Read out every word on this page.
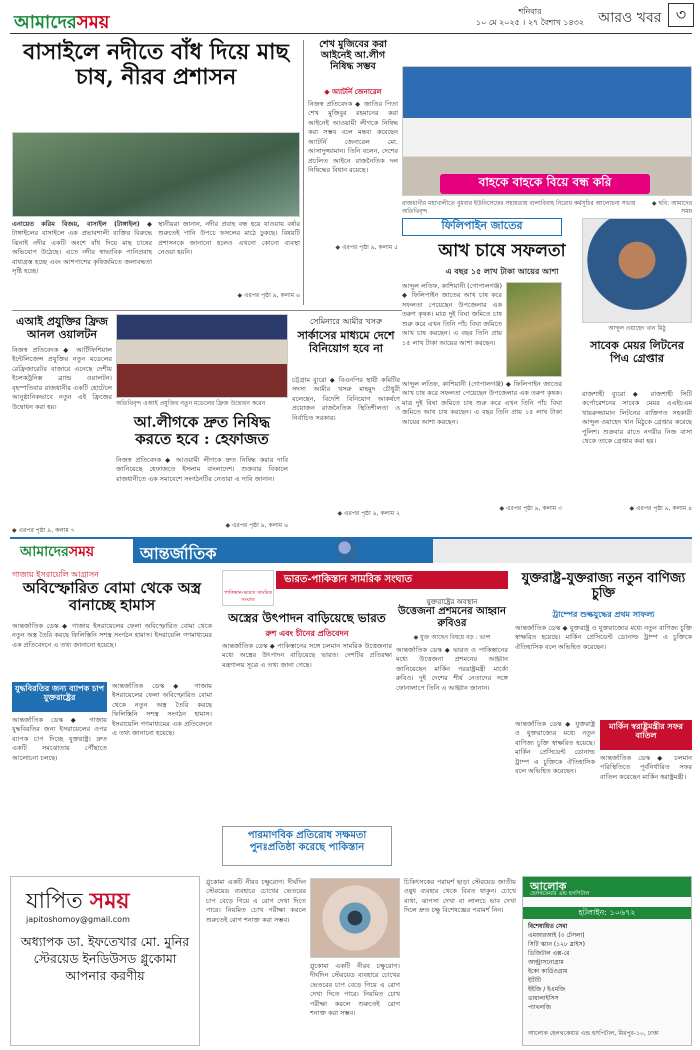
আমাদেরসময়
শনিবার
১০ মে ২০২৫ । ২৭ বৈশাখ ১৪৩২ আরও খবর ৩
বাসাইলে নদীতে বাঁধ দিয়ে মাছ চাষ, নীরব প্রশাসন
এনায়েত করিম বিজয়, বাসাইল (টাঙ্গাইল) ◆ টাঙ্গাইলের বাসাইলে এক প্রভাবশালী ব্যক্তির বিরুদ্ধে ঝিনাই নদীর একটি অংশে বাঁধ দিয়ে মাছ চাষের অভিযোগ উঠেছে। এতে নদীর স্বাভাবিক পানিপ্রবাহ বাধাগ্রস্ত হচ্ছে এবং আশপাশের কৃষিজমিতে জলাবদ্ধতা সৃষ্টি হচ্ছে।
স্থানীয়রা জানান, নদীর প্রবাহ বন্ধ হয়ে যাওয়ায় বর্ষার শুরুতেই পানি উপচে ফসলের মাঠে ঢুকছে। বিষয়টি প্রশাসনকে জানানো হলেও এখনো কোনো ব্যবস্থা নেওয়া হয়নি।
◆ এরপর পৃষ্ঠা ৯, কলাম ৬
শেখ মুজিবের করা আইনেই আ.লীগ নিষিদ্ধ সম্ভব
◆ অ্যাটর্নি জেনারেল
নিজস্ব প্রতিবেদক ◆ জাতির পিতা শেখ মুজিবুর রহমানের করা আইনেই আওয়ামী লীগকে নিষিদ্ধ করা সম্ভব বলে মন্তব্য করেছেন অ্যাটর্নি জেনারেল মো. আসাদুজ্জামান। তিনি বলেন, দেশের প্রচলিত আইনে রাজনৈতিক দল নিষিদ্ধের বিধান রয়েছে।
◆ এরপর পৃষ্ঠা ৯, কলাম ৫
বাহকে বাহকে বিয়ে বন্ধ করি
রাজধানীর মহাখালীতে বুধবার ইউনিসেফের সহায়তায় বাল্যবিবাহ নিরোধ কর্মসূচির আলোচনা সভায় অতিথিবৃন্দ
◆ ছবি: আমাদের সময়
ফিলিপাইন জাতের
আখ চাষে সফলতা
এ বছর ১৫ লাখ টাকা আয়ের আশা
আব্দুল লতিফ, কাশিয়ানী (গোপালগঞ্জ) ◆ ফিলিপাইন জাতের আখ চাষ করে সফলতা পেয়েছেন উপজেলার এক তরুণ কৃষক। মাত্র দুই বিঘা জমিতে চাষ শুরু করে এখন তিনি পাঁচ বিঘা জমিতে আখ চাষ করছেন। এ বছর তিনি প্রায় ১৫ লাখ টাকা আয়ের আশা করছেন।
আব্দুল লতিফ, কাশিয়ানী (গোপালগঞ্জ) ◆ ফিলিপাইন জাতের আখ চাষ করে সফলতা পেয়েছেন উপজেলার এক তরুণ কৃষক। মাত্র দুই বিঘা জমিতে চাষ শুরু করে এখন তিনি পাঁচ বিঘা জমিতে আখ চাষ করছেন। এ বছর তিনি প্রায় ১৫ লাখ টাকা আয়ের আশা করছেন।
◆ এরপর পৃষ্ঠা ৯, কলাম ৩
আব্দুল ওয়াহেদ খান মিঠু
সাবেক মেয়র লিটনের পিএ গ্রেপ্তার
রাজশাহী ব্যুরো ◆ রাজশাহী সিটি কর্পোরেশনের সাবেক মেয়র এএইচএম খায়রুজ্জামান লিটনের ব্যক্তিগত সহকারী আব্দুল ওয়াহেদ খান মিঠুকে গ্রেপ্তার করেছে পুলিশ। শুক্রবার রাতে নগরীর নিজ বাসা থেকে তাকে গ্রেপ্তার করা হয়।
◆ এরপর পৃষ্ঠা ৯, কলাম ৪
এআই প্রযুক্তির ফ্রিজ আনল ওয়ালটন
নিজস্ব প্রতিবেদক ◆ আর্টিফিশিয়াল ইন্টেলিজেন্স প্রযুক্তির নতুন মডেলের রেফ্রিজারেটর বাজারে এনেছে দেশীয় ইলেকট্রনিক্স ব্র্যান্ড ওয়ালটন। বৃহস্পতিবার রাজধানীর একটি হোটেলে আনুষ্ঠানিকভাবে নতুন এই ফ্রিজের উদ্বোধন করা হয়।	অতিথিবৃন্দ এআই প্রযুক্তির নতুন মডেলের ফ্রিজ উদ্বোধন করেন
◆ এরপর পৃষ্ঠা ৯, কলাম ৭
সেমিনারে আমীর খসরু
সার্কাসের মাধ্যমে দেশে বিনিয়োগ হবে না
চট্টগ্রাম ব্যুরো ◆ বিএনপির স্থায়ী কমিটির সদস্য আমীর খসরু মাহমুদ চৌধুরী বলেছেন, বিদেশি বিনিয়োগ আকর্ষণে প্রয়োজন রাজনৈতিক স্থিতিশীলতা ও নির্বাচিত সরকার।
◆ এরপর পৃষ্ঠা ৯, কলাম ২
আ.লীগকে দ্রুত নিষিদ্ধ করতে হবে : হেফাজত
নিজস্ব প্রতিবেদক ◆ আওয়ামী লীগকে দ্রুত নিষিদ্ধ করার দাবি জানিয়েছে হেফাজতে ইসলাম বাংলাদেশ। শুক্রবার বিকালে রাজধানীতে এক সমাবেশে সংগঠনটির নেতারা এ দাবি জানান।
◆ এরপর পৃষ্ঠা ৯, কলাম ৬
আমাদেরসময়	আন্তর্জাতিক
গাজায় ইসরায়েলি আগ্রাসন
অবিস্ফোরিত বোমা থেকে অস্ত্র বানাচ্ছে হামাস
আন্তর্জাতিক ডেস্ক ◆ গাজায় ইসরায়েলের ফেলা অবিস্ফোরিত বোমা থেকে নতুন অস্ত্র তৈরি করছে ফিলিস্তিনি সশস্ত্র সংগঠন হামাস। ইসরায়েলি গণমাধ্যমের এক প্রতিবেদনে এ তথ্য জানানো হয়েছে।
যুদ্ধবিরতির জন্য ব্যাপক চাপ যুক্তরাষ্ট্রের
আন্তর্জাতিক ডেস্ক ◆ গাজায় যুদ্ধবিরতির জন্য ইসরায়েলের ওপর ব্যাপক চাপ দিচ্ছে যুক্তরাষ্ট্র। দ্রুত একটি সমঝোতায় পৌঁছাতে আলোচনা চলছে।
আন্তর্জাতিক ডেস্ক ◆ গাজায় ইসরায়েলের ফেলা অবিস্ফোরিত বোমা থেকে নতুন অস্ত্র তৈরি করছে ফিলিস্তিনি সশস্ত্র সংগঠন হামাস। ইসরায়েলি গণমাধ্যমের এক প্রতিবেদনে এ তথ্য জানানো হয়েছে।
পাকিস্তান-ভারত সামরিক সংঘাত
ভারত-পাকিস্তান সামরিক সংঘাত
অস্ত্রের উৎপাদন বাড়িয়েছে ভারত
রুশ এবং চীনের প্রতিবেদন
আন্তর্জাতিক ডেস্ক ◆ পাকিস্তানের সঙ্গে চলমান সামরিক উত্তেজনার মধ্যে অস্ত্রের উৎপাদন বাড়িয়েছে ভারত। দেশটির প্রতিরক্ষা মন্ত্রণালয় সূত্রে এ তথ্য জানা গেছে।
যুক্তরাষ্ট্রের অবস্থান
উত্তেজনা প্রশমনের আহ্বান রুবিওর
◆ যুক্ত আছেন বিষয়ে বড় : ভান্স
আন্তর্জাতিক ডেস্ক ◆ ভারত ও পাকিস্তানের মধ্যে উত্তেজনা প্রশমনের আহ্বান জানিয়েছেন মার্কিন পররাষ্ট্রমন্ত্রী মার্কো রুবিও। দুই দেশের শীর্ষ নেতাদের সঙ্গে ফোনালাপে তিনি এ আহ্বান জানান।
পারমাণবিক প্রতিরোধ সক্ষমতা পুনঃপ্রতিষ্ঠা করেছে পাকিস্তান
যুক্তরাষ্ট্র-যুক্তরাজ্য নতুন বাণিজ্য চুক্তি
ট্রাম্পের শুল্কযুদ্ধের প্রথম সাফল্য
আন্তর্জাতিক ডেস্ক ◆ যুক্তরাষ্ট্র ও যুক্তরাজ্যের মধ্যে নতুন বাণিজ্য চুক্তি স্বাক্ষরিত হয়েছে। মার্কিন প্রেসিডেন্ট ডোনাল্ড ট্রাম্প এ চুক্তিকে ঐতিহাসিক বলে অভিহিত করেছেন।
মার্কিন স্বরাষ্ট্রমন্ত্রীর সফর বাতিল
আন্তর্জাতিক ডেস্ক ◆ চলমান পরিস্থিতিতে পূর্বনির্ধারিত সফর বাতিল করেছেন মার্কিন স্বরাষ্ট্রমন্ত্রী।
আন্তর্জাতিক ডেস্ক ◆ যুক্তরাষ্ট্র ও যুক্তরাজ্যের মধ্যে নতুন বাণিজ্য চুক্তি স্বাক্ষরিত হয়েছে। মার্কিন প্রেসিডেন্ট ডোনাল্ড ট্রাম্প এ চুক্তিকে ঐতিহাসিক বলে অভিহিত করেছেন।
যাপিত সময়
japitoshomoy@gmail.com
অধ্যাপক ডা. ইফতেখার মো. মুনির স্টেরয়েড ইনডিউসড গ্লুকোমা আপনার করণীয়
গ্লুকোমা একটি নীরব চক্ষুরোগ। দীর্ঘদিন স্টেরয়েড ব্যবহারে চোখের ভেতরের চাপ বেড়ে গিয়ে এ রোগ দেখা দিতে পারে। নিয়মিত চোখ পরীক্ষা করলে শুরুতেই রোগ শনাক্ত করা সম্ভব।
চিকিৎসকের পরামর্শ ছাড়া স্টেরয়েড জাতীয় ওষুধ ব্যবহার থেকে বিরত থাকুন। চোখে ব্যথা, ঝাপসা দেখা বা লালচে ভাব দেখা দিলে দ্রুত চক্ষু বিশেষজ্ঞের পরামর্শ নিন।
গ্লুকোমা একটি নীরব চক্ষুরোগ। দীর্ঘদিন স্টেরয়েড ব্যবহারে চোখের ভেতরের চাপ বেড়ে গিয়ে এ রোগ দেখা দিতে পারে। নিয়মিত চোখ পরীক্ষা করলে শুরুতেই রোগ শনাক্ত করা সম্ভব।
আলোক
হেলথকেয়ার এন্ড হসপিটাল
হটলাইন: ১০৬৭২
বিশেষায়িত সেবা
এমআরআই (৩ টেসলা)
সিটি স্ক্যান (১২৮ স্লাইস)
ডিজিটাল এক্স-রে
আল্ট্রাসনোগ্রাম
ইকো কার্ডিওগ্রাম
ইটিটি
ইইজি / ইএমজি
ডায়ালাইসিস
প্যাথলজি
আলোক হেলথকেয়ার এন্ড হসপিটাল, মিরপুর-১০, ঢাকা
